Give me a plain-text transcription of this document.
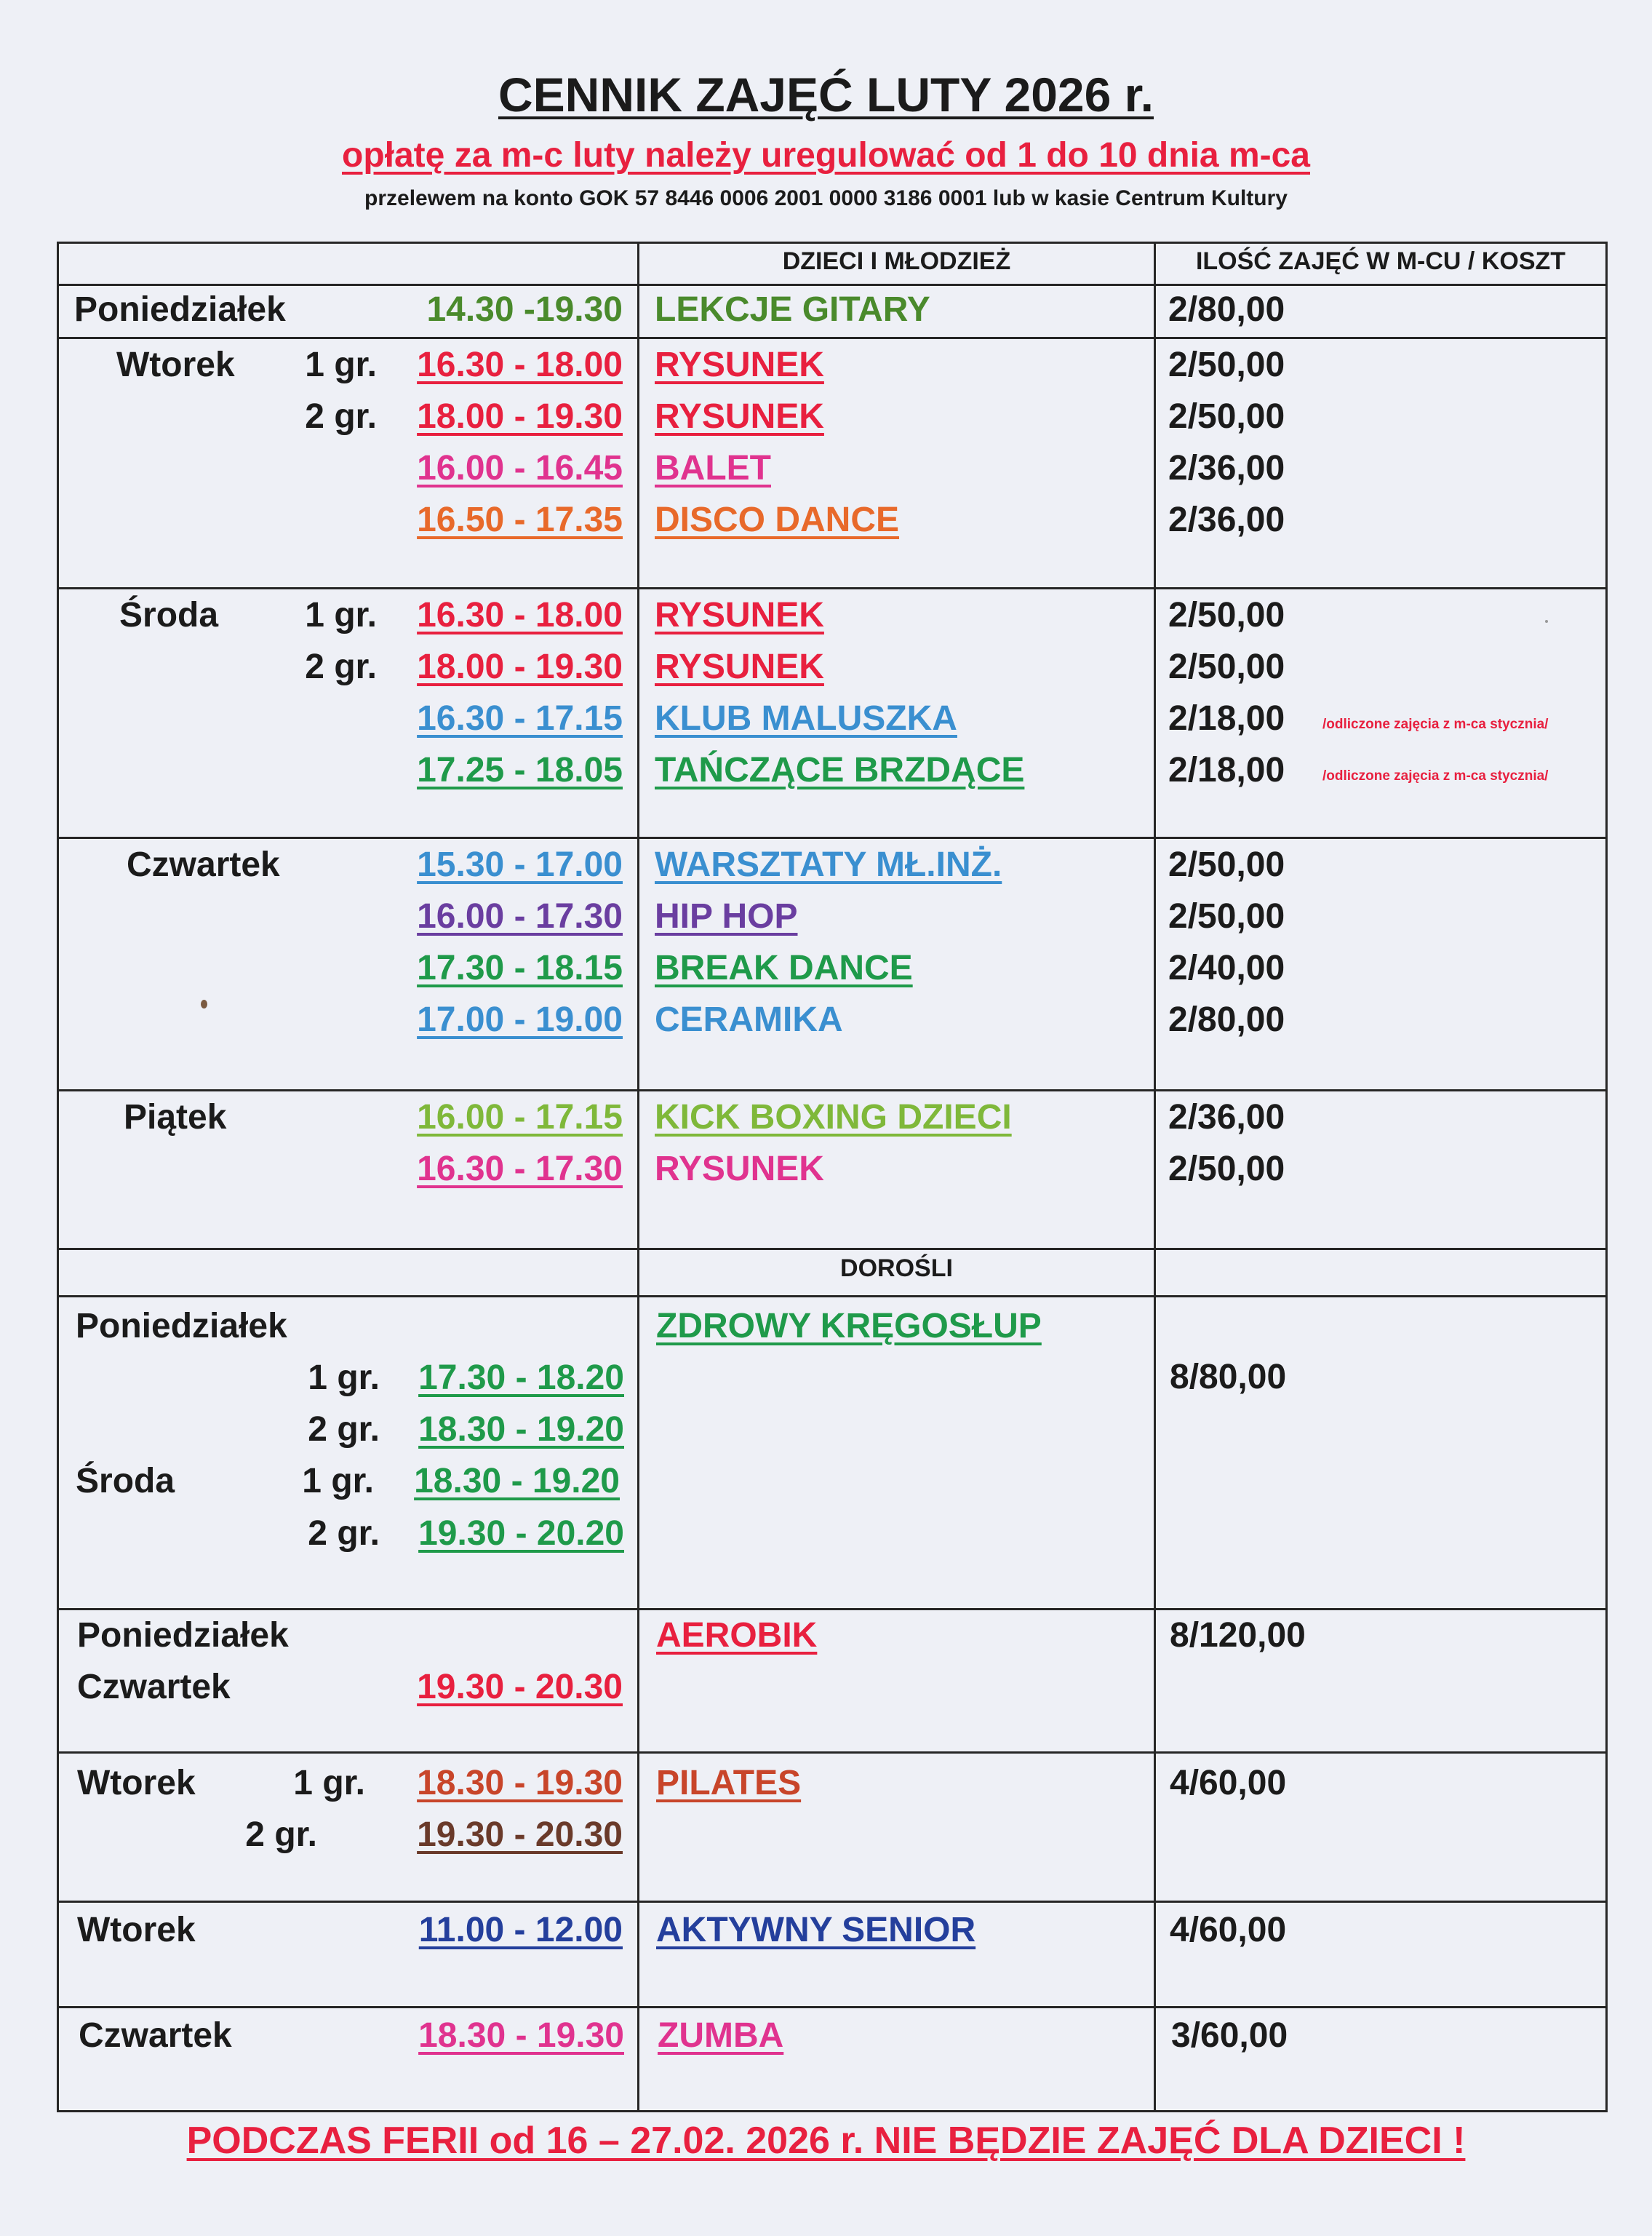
CENNIK ZAJĘĆ LUTY 2026 r.
opłatę za m-c luty należy uregulować od 1 do 10 dnia m-ca
przelewem na konto GOK 57 8446 0006 2001 0000 3186 0001 lub w kasie Centrum Kultury
DZIECI I MŁODZIEŻ	ILOŚĆ ZAJĘĆ W M-CU / KOSZT
DOROŚLI
Poniedziałek	14.30 -19.30 LEKCJE GITARY	2/80,00
Wtorek	1 gr.	16.30 - 18.00 RYSUNEK	2/50,00
2 gr.	18.00 - 19.30 RYSUNEK	2/50,00
16.00 - 16.45 BALET	2/36,00
16.50 - 17.35 DISCO DANCE	2/36,00
Środa	1 gr.	16.30 - 18.00 RYSUNEK	2/50,00
2 gr.	18.00 - 19.30 RYSUNEK	2/50,00
16.30 - 17.15 KLUB MALUSZKA	2/18,00	/odliczone zajęcia z m-ca stycznia/
17.25 - 18.05 TAŃCZĄCE BRZDĄCE	2/18,00	/odliczone zajęcia z m-ca stycznia/
Czwartek	15.30 - 17.00 WARSZTATY MŁ.INŻ.	2/50,00
16.00 - 17.30 HIP HOP	2/50,00
17.30 - 18.15 BREAK DANCE	2/40,00
17.00 - 19.00 CERAMIKA	2/80,00
Piątek	16.00 - 17.15 KICK BOXING DZIECI	2/36,00
16.30 - 17.30 RYSUNEK	2/50,00
Poniedziałek	ZDROWY KRĘGOSŁUP
8/80,00
1 gr.	17.30 - 18.20
2 gr.	18.30 - 19.20
Środa	1 gr.	18.30 - 19.20
2 gr.	19.30 - 20.20
Poniedziałek	AEROBIK	8/120,00
Czwartek	19.30 - 20.30
Wtorek	1 gr.	18.30 - 19.30 PILATES	4/60,00
2 gr.	19.30 - 20.30
Wtorek	11.00 - 12.00 AKTYWNY SENIOR	4/60,00
Czwartek	18.30 - 19.30 ZUMBA	3/60,00
PODCZAS FERII od 16 – 27.02. 2026 r. NIE BĘDZIE ZAJĘĆ DLA DZIECI !
